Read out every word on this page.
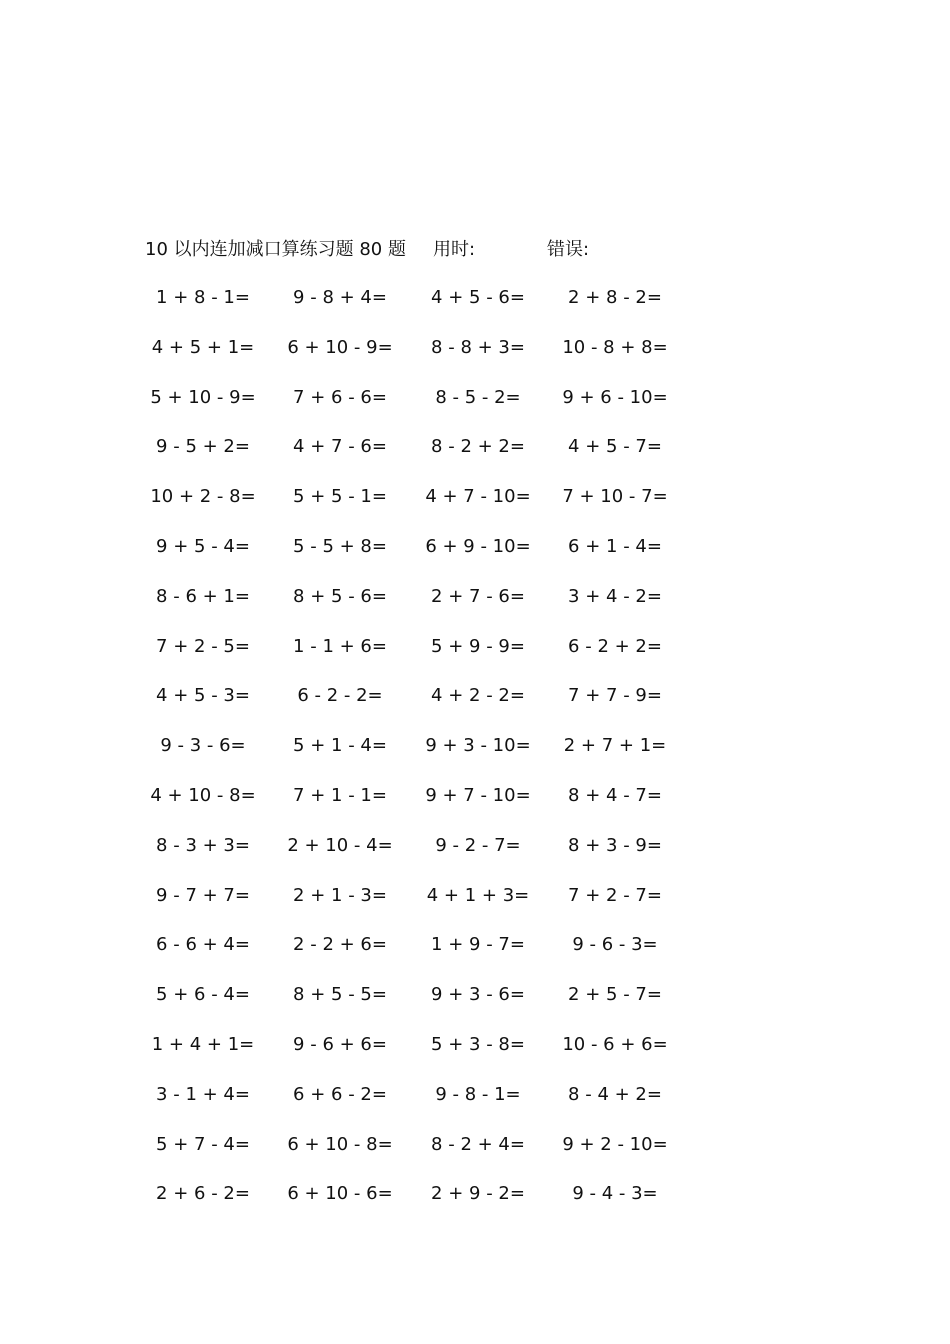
10 以内连加减口算练习题 80 题 用时:	错误:
1 + 8 - 1=	9 - 8 + 4=	4 + 5 - 6=	2 + 8 - 2=
4 + 5 + 1=	6 + 10 - 9=	8 - 8 + 3=	10 - 8 + 8=
5 + 10 - 9=	7 + 6 - 6=	8 - 5 - 2=	9 + 6 - 10=
9 - 5 + 2=	4 + 7 - 6=	8 - 2 + 2=	4 + 5 - 7=
10 + 2 - 8=	5 + 5 - 1=	4 + 7 - 10=	7 + 10 - 7=
9 + 5 - 4=	5 - 5 + 8=	6 + 9 - 10=	6 + 1 - 4=
8 - 6 + 1=	8 + 5 - 6=	2 + 7 - 6=	3 + 4 - 2=
7 + 2 - 5=	1 - 1 + 6=	5 + 9 - 9=	6 - 2 + 2=
4 + 5 - 3=	6 - 2 - 2=	4 + 2 - 2=	7 + 7 - 9=
9 - 3 - 6=	5 + 1 - 4=	9 + 3 - 10=	2 + 7 + 1=
4 + 10 - 8=	7 + 1 - 1=	9 + 7 - 10=	8 + 4 - 7=
8 - 3 + 3=	2 + 10 - 4=	9 - 2 - 7=	8 + 3 - 9=
9 - 7 + 7=	2 + 1 - 3=	4 + 1 + 3=	7 + 2 - 7=
6 - 6 + 4=	2 - 2 + 6=	1 + 9 - 7=	9 - 6 - 3=
5 + 6 - 4=	8 + 5 - 5=	9 + 3 - 6=	2 + 5 - 7=
1 + 4 + 1=	9 - 6 + 6=	5 + 3 - 8=	10 - 6 + 6=
3 - 1 + 4=	6 + 6 - 2=	9 - 8 - 1=	8 - 4 + 2=
5 + 7 - 4=	6 + 10 - 8=	8 - 2 + 4=	9 + 2 - 10=
2 + 6 - 2=	6 + 10 - 6=	2 + 9 - 2=	9 - 4 - 3=
